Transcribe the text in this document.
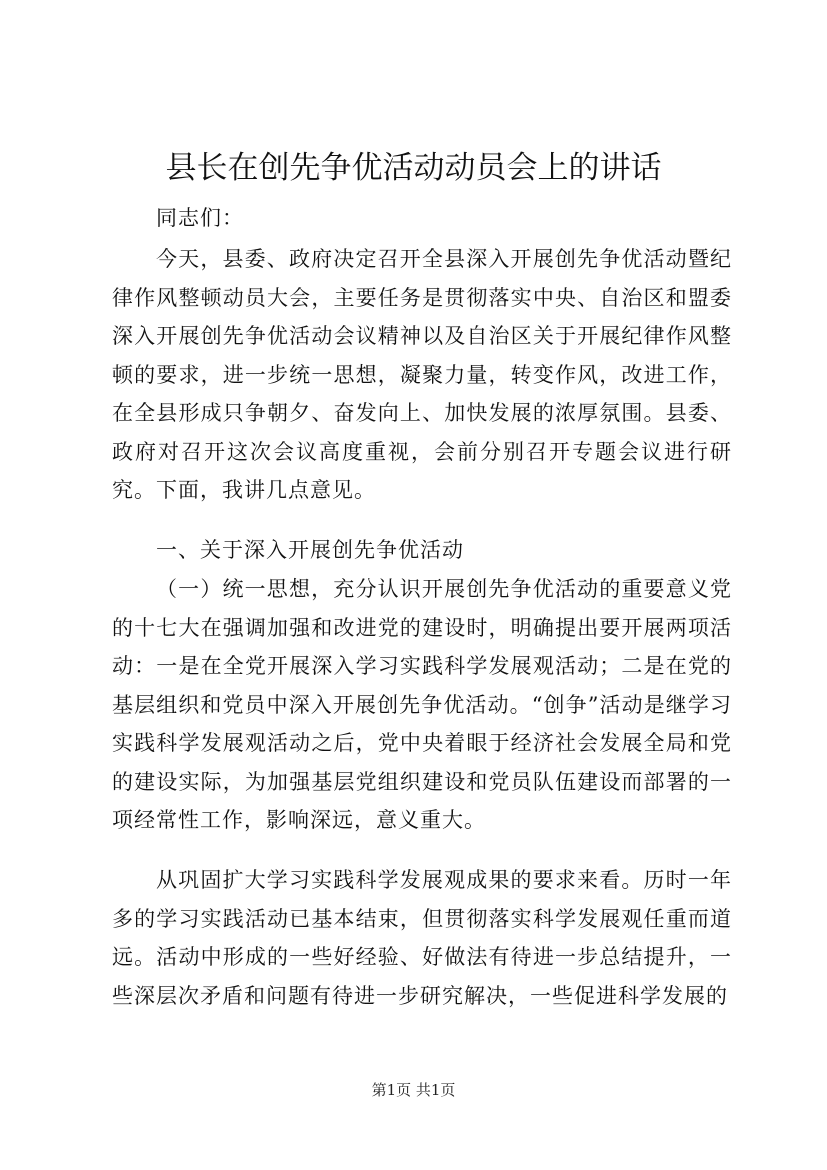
县长在创先争优活动动员会上的讲话

同志们：

今天，县委、政府决定召开全县深入开展创先争优活动暨纪律作风整顿动员大会，主要任务是贯彻落实中央、自治区和盟委深入开展创先争优活动会议精神以及自治区关于开展纪律作风整顿的要求，进一步统一思想，凝聚力量，转变作风，改进工作，在全县形成只争朝夕、奋发向上、加快发展的浓厚氛围。县委、政府对召开这次会议高度重视，会前分别召开专题会议进行研究。下面，我讲几点意见。

一、关于深入开展创先争优活动

（一）统一思想，充分认识开展创先争优活动的重要意义党的十七大在强调加强和改进党的建设时，明确提出要开展两项活动：一是在全党开展深入学习实践科学发展观活动；二是在党的基层组织和党员中深入开展创先争优活动。“创争”活动是继学习实践科学发展观活动之后，党中央着眼于经济社会发展全局和党的建设实际，为加强基层党组织建设和党员队伍建设而部署的一项经常性工作，影响深远，意义重大。

从巩固扩大学习实践科学发展观成果的要求来看。历时一年多的学习实践活动已基本结束，但贯彻落实科学发展观任重而道远。活动中形成的一些好经验、好做法有待进一步总结提升，一些深层次矛盾和问题有待进一步研究解决，一些促进科学发展的

第1页 共1页
